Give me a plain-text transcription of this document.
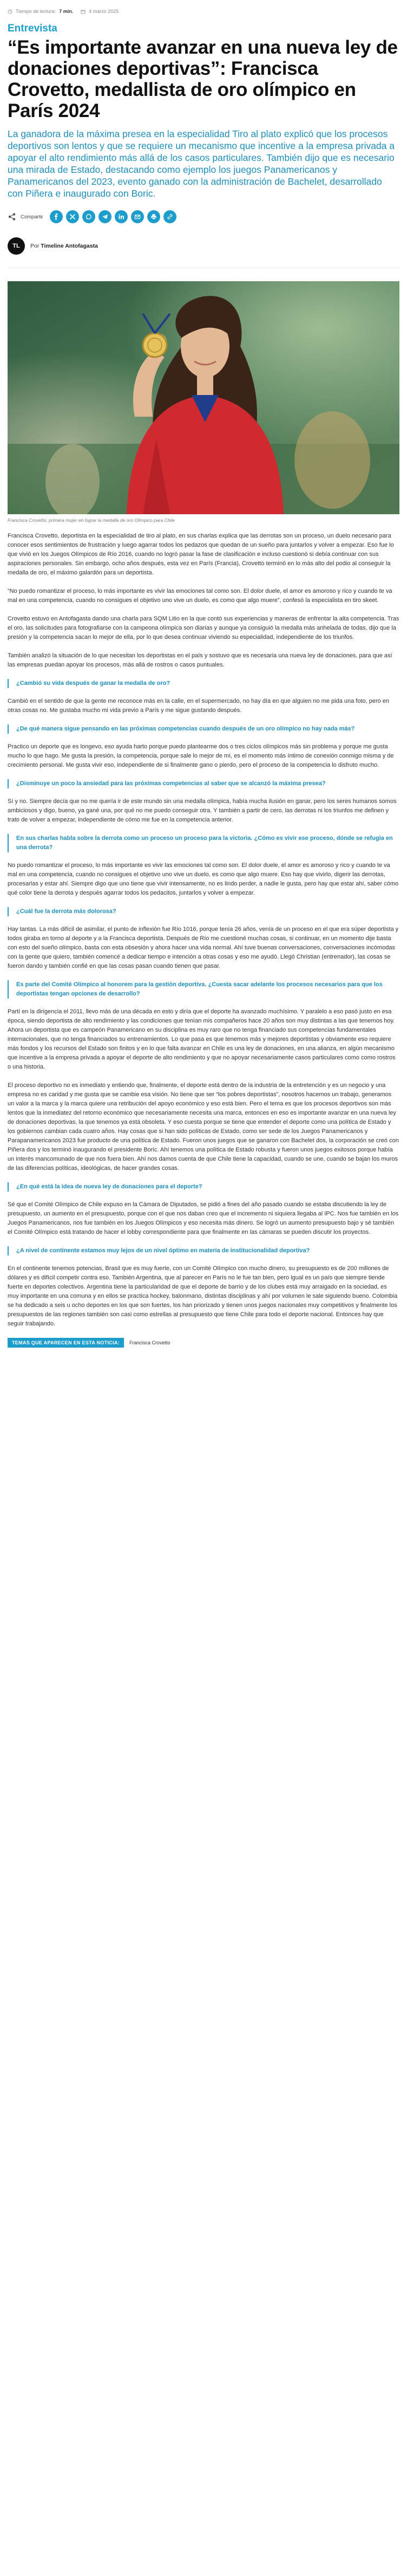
Tiempo de lectura: 7 min.	4 marzo 2025
Entrevista
“Es importante avanzar en una nueva ley de donaciones deportivas”: Francisca Crovetto, medallista de oro olímpico en París 2024
La ganadora de la máxima presea en la especialidad Tiro al plato explicó que los procesos deportivos son lentos y que se requiere un mecanismo que incentive a la empresa privada a apoyar el alto rendimiento más allá de los casos particulares. También dijo que es necesario una mirada de Estado, destacando como ejemplo los juegos Panamericanos y Panamericanos del 2023, evento ganado con la administración de Bachelet, desarrollado con Piñera e inaugurado con Boric.
Compartir
TL	Por Timeline Antofagasta
Francisca Crovetto, primera mujer en lograr la medalla de oro Olímpico para Chile

Francisca Crovetto, deportista en la especialidad de tiro al plato, en sus charlas explica que las derrotas son un proceso, un duelo necesario para conocer esos sentimientos de frustración y luego agarrar todos los pedazos que quedan de un sueño para juntarlos y volver a empezar. Eso fue lo que vivió en los Juegos Olímpicos de Río 2016, cuando no logró pasar la fase de clasificación e incluso cuestionó si debía continuar con sus aspiraciones personales. Sin embargo, ocho años después, esta vez en París (Francia), Crovetto terminó en lo más alto del podio al conseguir la medalla de oro, el máximo galardón para un deportista.

“No puedo romantizar el proceso, lo más importante es vivir las emociones tal como son. El dolor duele, el amor es amoroso y rico y cuando te va mal en una competencia, cuando no consigues el objetivo uno vive un duelo, es como que algo muere”, confesó la especialista en tiro skeet.

Crovetto estuvo en Antofagasta dando una charla para SQM Litio en la que contó sus experiencias y maneras de enfrentar la alta competencia. Tras el oro, las solicitudes para fotografiarse con la campeona olímpica son diarias y aunque ya consiguió la medalla más anhelada de todas, dijo que la presión y la competencia sacan lo mejor de ella, por lo que desea continuar viviendo su especialidad, independiente de los triunfos.

También analizó la situación de lo que necesitan los deportistas en el país y sostuvo que es necesaria una nueva ley de donaciones, para que así las empresas puedan apoyar los procesos, más allá de rostros o casos puntuales.

¿Cambió su vida después de ganar la medalla de oro?

Cambió en el sentido de que la gente me reconoce más en la calle, en el supermercado, no hay día en que alguien no me pida una foto, pero en otras cosas no. Me gustaba mucho mi vida previo a París y me sigue gustando después.

¿De qué manera sigue pensando en las próximas competencias cuando después de un oro olímpico no hay nada más?

Practico un deporte que es longevo, eso ayuda harto porque puedo plantearme dos o tres ciclos olímpicos más sin problema y porque me gusta mucho lo que hago. Me gusta la presión, la competencia, porque sale lo mejor de mí, es el momento más íntimo de conexión conmigo misma y de crecimiento personal. Me gusta vivir eso, independiente de si finalmente gano o pierdo, pero el proceso de la competencia lo disfruto mucho.

¿Disminuye un poco la ansiedad para las próximas competencias al saber que se alcanzó la máxima presea?

Sí y no. Siempre decía que no me quería ir de este mundo sin una medalla olímpica, había mucha ilusión en ganar, pero los seres humanos somos ambiciosos y digo, bueno, ya gané una, por qué no me puedo conseguir otra. Y también a partir de cero, las derrotas ni los triunfos me definen y trato de volver a empezar, independiente de cómo me fue en la competencia anterior.

En sus charlas habla sobre la derrota como un proceso un proceso para la victoria. ¿Cómo es vivir ese proceso, dónde se refugia en una derrota?

No puedo romantizar el proceso, lo más importante es vivir las emociones tal como son. El dolor duele, el amor es amoroso y rico y cuando te va mal en una competencia, cuando no consigues el objetivo uno vive un duelo, es como que algo muere. Eso hay que vivirlo, digerir las derrotas, procesarlas y estar ahí. Siempre digo que uno tiene que vivir intensamente, no es lindo perder, a nadie le gusta, pero hay que estar ahí, saber cómo qué color tiene la derrota y después agarrar todos los pedacitos, juntarlos y volver a empezar.

¿Cuál fue la derrota más dolorosa?

Hay tantas. La más difícil de asimilar, el punto de inflexión fue Río 1016, porque tenía 26 años, venía de un proceso en el que era súper deportista y todos giraba en torno al deporte y a la Francisca deportista. Después de Río me cuestioné muchas cosas, si continuar, en un momento dije basta con esto del sueño olímpico, basta con esta obsesión y ahora hacer una vida normal. Ahí tuve buenas conversaciones, conversaciones incómodas con la gente que quiero, también comencé a dedicar tiempo e intención a otras cosas y eso me ayudó. Llegó Christian (entrenador), las cosas se fueron dando y también confié en que las cosas pasan cuando tienen que pasar.

Es parte del Comité Olímpico al honorem para la gestión deportiva. ¿Cuesta sacar adelante los procesos necesarios para que los deportistas tengan opciones de desarrollo?

Partí en la dirigencia el 2011, llevo más de una década en esto y diría que el deporte ha avanzado muchísimo. Y paralelo a eso pasó justo en esa época, siendo deportista de alto rendimiento y las condiciones que tenían mis compañeros hace 20 años son muy distintas a las que tenemos hoy. Ahora un deportista que es campeón Panamericano en su disciplina es muy raro que no tenga financiado sus competencias fundamentales internacionales, que no tenga financiados su entrenamientos. Lo que pasa es que tenemos más y mejores deportistas y obviamente eso requiere más fondos y los recursos del Estado son finitos y en lo que falta avanzar en Chile es una ley de donaciones, en una alianza, en algún mecanismo que incentive a la empresa privada a apoyar el deporte de alto rendimiento y que no apoyar necesariamente casos particulares como como rostros o una historia.

El proceso deportivo no es inmediato y entiendo que, finalmente, el deporte está dentro de la industria de la entretención y es un negocio y una empresa no es caridad y me gusta que se cambie esa visión. No tiene que ser “los pobres deportistas”, nosotros hacemos un trabajo, generamos un valor a la marca y la marca quiere una retribución del apoyo económico y eso está bien. Pero el tema es que los procesos deportivos son más lentos que la inmediatez del retorno económico que necesariamente necesita una marca, entonces en eso es importante avanzar en una nueva ley de donaciones deportivas, la que tenemos ya está obsoleta. Y eso cuesta porque se tiene que entender el deporte como una política de Estado y los gobiernos cambian cada cuatro años. Hay cosas que si han sido políticas de Estado, como ser sede de los Juegos Panamericanos y Parapanamericanos 2023 fue producto de una política de Estado. Fueron unos juegos que se ganaron con Bachelet dos, la corporación se creó con Piñera dos y los terminó inaugurando el presidente Boric. Ahí tenemos una política de Estado robusta y fueron unos juegos exitosos porque había un interés mancomunado de que nos fuera bien. Ahí nos damos cuenta de que Chile tiene la capacidad, cuando se une, cuando se bajan los muros de las diferencias políticas, ideológicas, de hacer grandes cosas.

¿En qué está la idea de nueva ley de donaciones para el deporte?

Sé que el Comité Olímpico de Chile expuso en la Cámara de Diputados, se pidió a fines del año pasado cuando se estaba discutiendo la ley de presupuesto, un aumento en el presupuesto, porque con el que nos daban creo que el incremento ni siquiera llegaba al IPC. Nos fue también en los Juegos Panamericanos, nos fue también en los Juegos Olímpicos y eso necesita más dinero. Se logró un aumento presupuesto bajo y sé también el Comité Olímpico está tratando de hacer el lobby correspondiente para que finalmente en las cámaras se pueden discutir los proyectos.

¿A nivel de continente estamos muy lejos de un nivel óptimo en materia de institucionalidad deportiva?

En el continente tenemos potencias, Brasil que es muy fuerte, con un Comité Olímpico con mucho dinero, su presupuesto es de 200 millones de dólares y es difícil competir contra eso. También Argentina, que al parecer en París no le fue tan bien, pero igual es un país que siempre tiende fuerte en deportes colectivos. Argentina tiene la particularidad de que el deporte de barrio y de los clubes está muy arraigado en la sociedad, es muy importante en una comuna y en ellos se practica hockey, balonmano, distintas disciplinas y ahí por volumen le sale siguiendo bueno. Colombia se ha dedicado a seis u ocho deportes en los que son fuertes, los han priorizado y tienen unos juegos nacionales muy competitivos y finalmente los presupuestos de las regiones también son casi como estrellas al presupuesto que tiene Chile para todo el deporte nacional. Entonces hay que seguir trabajando.

TEMAS QUE APARECEN EN ESTA NOTICIA:	Francisca Crovetto
